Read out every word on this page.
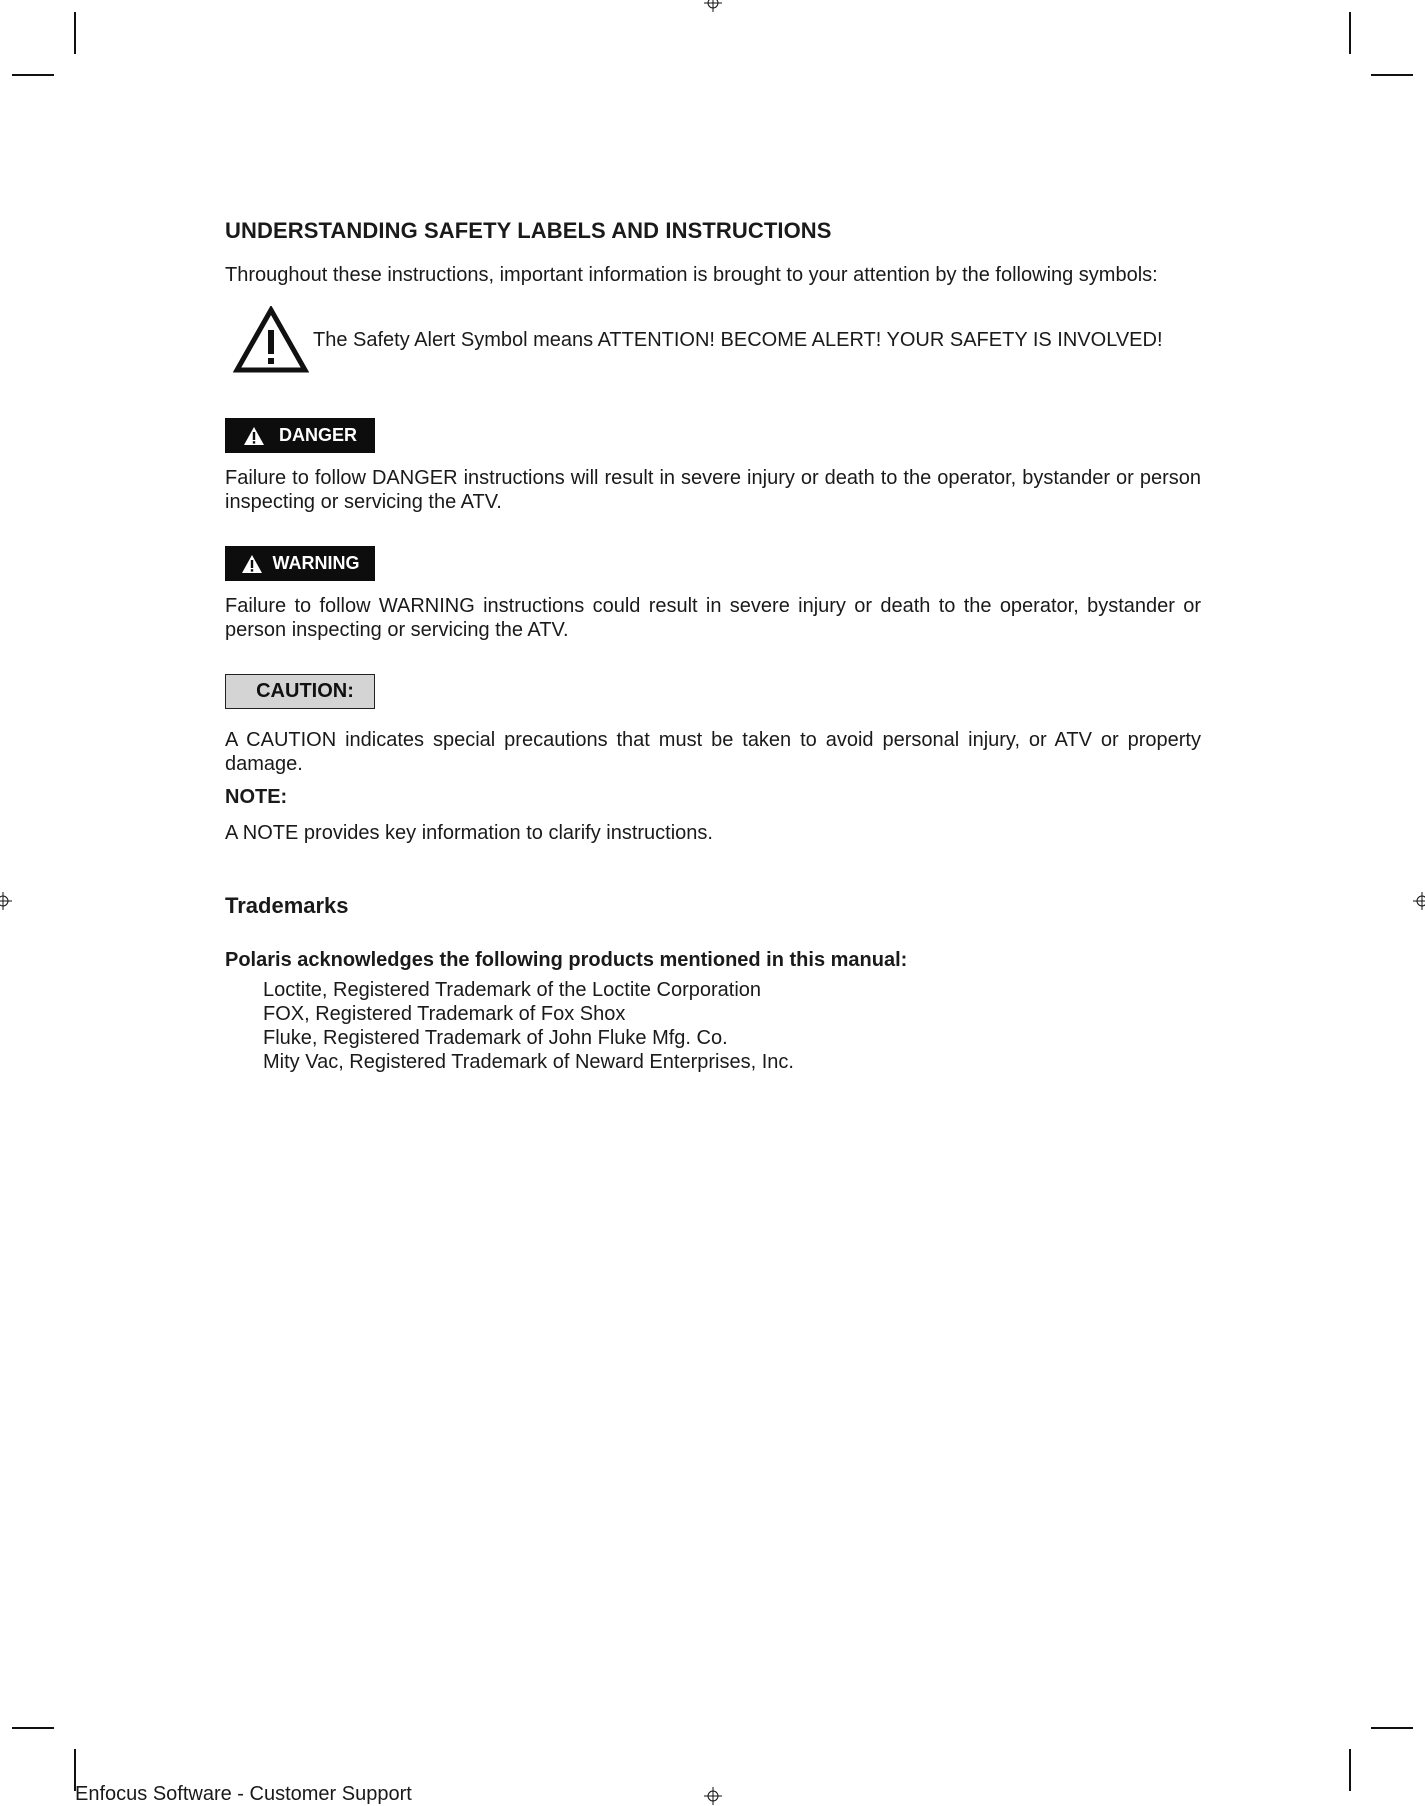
UNDERSTANDING SAFETY LABELS AND INSTRUCTIONS

Throughout these instructions, important information is brought to your attention by the following symbols:

The Safety Alert Symbol means ATTENTION! BECOME ALERT! YOUR SAFETY IS INVOLVED!
DANGER

Failure to follow DANGER instructions will result in severe injury or death to the operator, bystander or person inspecting or servicing the ATV.

WARNING

Failure to follow WARNING instructions could result in severe injury or death to the operator, bystander or person inspecting or servicing the ATV.

CAUTION:

A CAUTION indicates special precautions that must be taken to avoid personal injury, or ATV or property damage.

NOTE:

A NOTE provides key information to clarify instructions.

Trademarks

Polaris acknowledges the following products mentioned in this manual:

Loctite, Registered Trademark of the Loctite Corporation
FOX, Registered Trademark of Fox Shox
Fluke, Registered Trademark of John Fluke Mfg. Co.
Mity Vac, Registered Trademark of Neward Enterprises, Inc.
Enfocus Software - Customer Support
